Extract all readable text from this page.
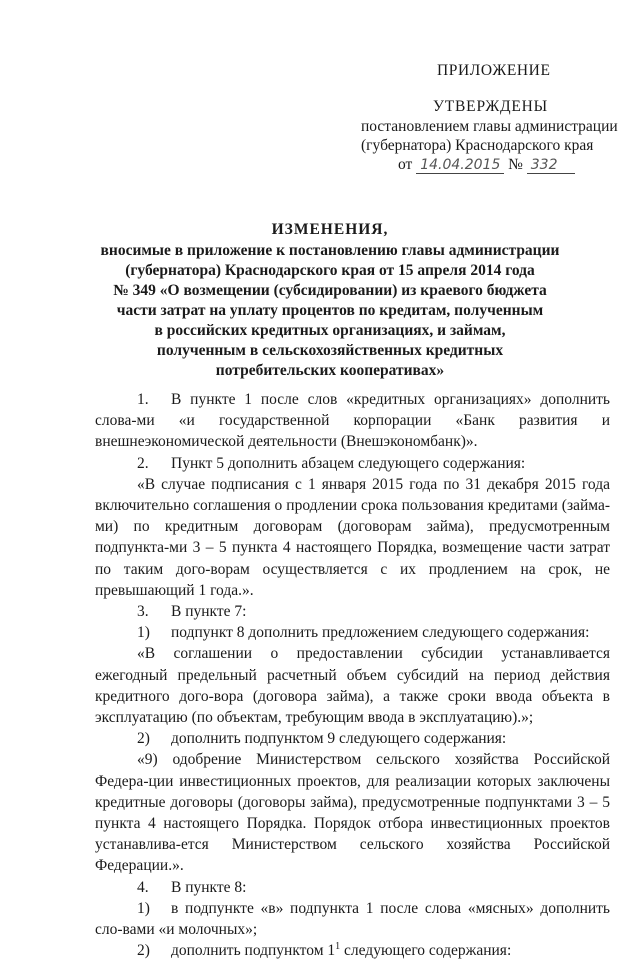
ПРИЛОЖЕНИЕ
УТВЕРЖДЕНЫ
постановлением главы администрации
(губернатора) Краснодарского края
от 14.04.2015 № 332
ИЗМЕНЕНИЯ,
вносимые в приложение к постановлению главы администрации
(губернатора) Краснодарского края от 15 апреля 2014 года
№ 349 «О возмещении (субсидировании) из краевого бюджета
части затрат на уплату процентов по кредитам, полученным
в российских кредитных организациях, и займам,
полученным в сельскохозяйственных кредитных
потребительских кооперативах»

1. В пункте 1 после слов «кредитных организациях» дополнить слова-ми «и государственной корпорации «Банк развития и внешнеэкономической деятельности (Внешэкономбанк)».

2. Пункт 5 дополнить абзацем следующего содержания:

«В случае подписания с 1 января 2015 года по 31 декабря 2015 года включительно соглашения о продлении срока пользования кредитами (займа-ми) по кредитным договорам (договорам займа), предусмотренным подпункта-ми 3 – 5 пункта 4 настоящего Порядка, возмещение части затрат по таким дого-ворам осуществляется с их продлением на срок, не превышающий 1 года.».

3. В пункте 7:

1) подпункт 8 дополнить предложением следующего содержания:

«В соглашении о предоставлении субсидии устанавливается ежегодный предельный расчетный объем субсидий на период действия кредитного дого-вора (договора займа), а также сроки ввода объекта в эксплуатацию (по объектам, требующим ввода в эксплуатацию).»;

2) дополнить подпунктом 9 следующего содержания:

«9) одобрение Министерством сельского хозяйства Российской Федера-ции инвестиционных проектов, для реализации которых заключены кредитные договоры (договоры займа), предусмотренные подпунктами 3 – 5 пункта 4 настоящего Порядка. Порядок отбора инвестиционных проектов устанавлива-ется Министерством сельского хозяйства Российской Федерации.».

4. В пункте 8:

1) в подпункте «в» подпункта 1 после слова «мясных» дополнить сло-вами «и молочных»;

2) дополнить подпунктом $1^1$ следующего содержания:
